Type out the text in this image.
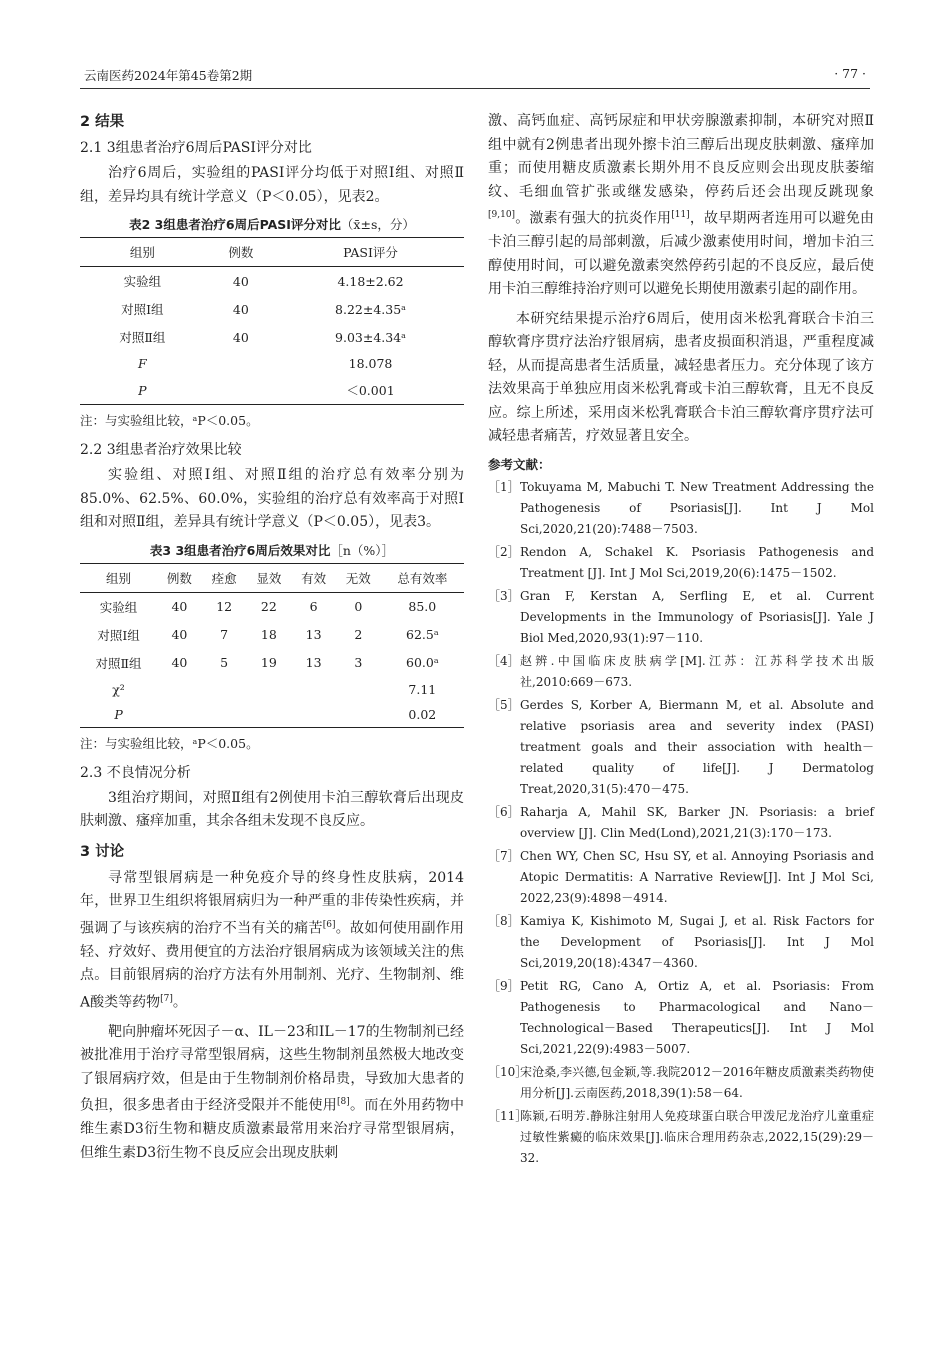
云南医药2024年第45卷第2期	· 77 ·
2 结果
2.1 3组患者治疗6周后PASI评分对比

治疗6周后，实验组的PASI评分均低于对照Ⅰ组、对照Ⅱ组，差异均具有统计学意义（P＜0.05），见表2。

表2 3组患者治疗6周后PASI评分对比（x̄±s，分）
组别	例数	PASI评分
实验组	40	4.18±2.62
对照Ⅰ组	40	8.22±4.35ᵃ
对照Ⅱ组	40	9.03±4.34ᵃ
F		18.078
P		＜0.001
注：与实验组比较，ᵃP＜0.05。
2.2 3组患者治疗效果比较

实验组、对照Ⅰ组、对照Ⅱ组的治疗总有效率分别为85.0%、62.5%、60.0%，实验组的治疗总有效率高于对照Ⅰ组和对照Ⅱ组，差异具有统计学意义（P＜0.05），见表3。

表3 3组患者治疗6周后效果对比［n（%）］
组别	例数	痊愈	显效	有效	无效	总有效率
实验组	40	12	22	6	0	85.0
对照Ⅰ组	40	7	18	13	2	62.5ᵃ
对照Ⅱ组	40	5	19	13	3	60.0ᵃ
χ²						7.11
P						0.02
注：与实验组比较，ᵃP＜0.05。
2.3 不良情况分析

3组治疗期间，对照Ⅱ组有2例使用卡泊三醇软膏后出现皮肤刺激、瘙痒加重，其余各组未发现不良反应。

3 讨论

寻常型银屑病是一种免疫介导的终身性皮肤病，2014年，世界卫生组织将银屑病归为一种严重的非传染性疾病，并强调了与该疾病的治疗不当有关的痛苦[6]。故如何使用副作用轻、疗效好、费用便宜的方法治疗银屑病成为该领域关注的焦点。目前银屑病的治疗方法有外用制剂、光疗、生物制剂、维A酸类等药物[7]。

靶向肿瘤坏死因子－α、IL－23和IL－17的生物制剂已经被批准用于治疗寻常型银屑病，这些生物制剂虽然极大地改变了银屑病疗效，但是由于生物制剂价格昂贵，导致加大患者的负担，很多患者由于经济受限并不能使用[8]。而在外用药物中维生素D3衍生物和糖皮质激素最常用来治疗寻常型银屑病，但维生素D3衍生物不良反应会出现皮肤刺

激、高钙血症、高钙尿症和甲状旁腺激素抑制，本研究对照Ⅱ组中就有2例患者出现外擦卡泊三醇后出现皮肤刺激、瘙痒加重；而使用糖皮质激素长期外用不良反应则会出现皮肤萎缩纹、毛细血管扩张或继发感染，停药后还会出现反跳现象[9,10]。激素有强大的抗炎作用[11]，故早期两者连用可以避免由卡泊三醇引起的局部刺激，后减少激素使用时间，增加卡泊三醇使用时间，可以避免激素突然停药引起的不良反应，最后使用卡泊三醇维持治疗则可以避免长期使用激素引起的副作用。

本研究结果提示治疗6周后，使用卤米松乳膏联合卡泊三醇软膏序贯疗法治疗银屑病，患者皮损面积消退，严重程度减轻，从而提高患者生活质量，减轻患者压力。充分体现了该方法效果高于单独应用卤米松乳膏或卡泊三醇软膏，且无不良反应。综上所述，采用卤米松乳膏联合卡泊三醇软膏序贯疗法可减轻患者痛苦，疗效显著且安全。

参考文献：
［1］ Tokuyama M, Mabuchi T. New Treatment Addressing the Pathogenesis of Psoriasis[J]. Int J Mol Sci,2020,21(20):7488－7503.
［2］ Rendon A, Schakel K. Psoriasis Pathogenesis and Treatment [J]. Int J Mol Sci,2019,20(6):1475－1502.
［3］ Gran F, Kerstan A, Serfling E, et al. Current Developments in the Immunology of Psoriasis[J]. Yale J Biol Med,2020,93(1):97－110.
［4］ 赵辨.中国临床皮肤病学[M].江苏：江苏科学技术出版社,2010:669－673.
［5］ Gerdes S, Korber A, Biermann M, et al. Absolute and relative psoriasis area and severity index (PASI) treatment goals and their association with health－related quality of life[J]. J Dermatolog Treat,2020,31(5):470－475.
［6］ Raharja A, Mahil SK, Barker JN. Psoriasis: a brief overview [J]. Clin Med(Lond),2021,21(3):170－173.
［7］ Chen WY, Chen SC, Hsu SY, et al. Annoying Psoriasis and Atopic Dermatitis: A Narrative Review[J]. Int J Mol Sci, 2022,23(9):4898－4914.
［8］ Kamiya K, Kishimoto M, Sugai J, et al. Risk Factors for the Development of Psoriasis[J]. Int J Mol Sci,2019,20(18):4347－4360.
［9］ Petit RG, Cano A, Ortiz A, et al. Psoriasis: From Pathogenesis to Pharmacological and Nano－Technological－Based Therapeutics[J]. Int J Mol Sci,2021,22(9):4983－5007.
［10］
宋沧桑,李兴德,包金颖,等.我院2012－2016年糖皮质激素类药物使用分析[J].云南医药,2018,39(1):58－64.
［11］
陈颖,石明芳.静脉注射用人免疫球蛋白联合甲泼尼龙治疗儿童重症过敏性紫癜的临床效果[J].临床合理用药杂志,2022,15(29):29－32.
